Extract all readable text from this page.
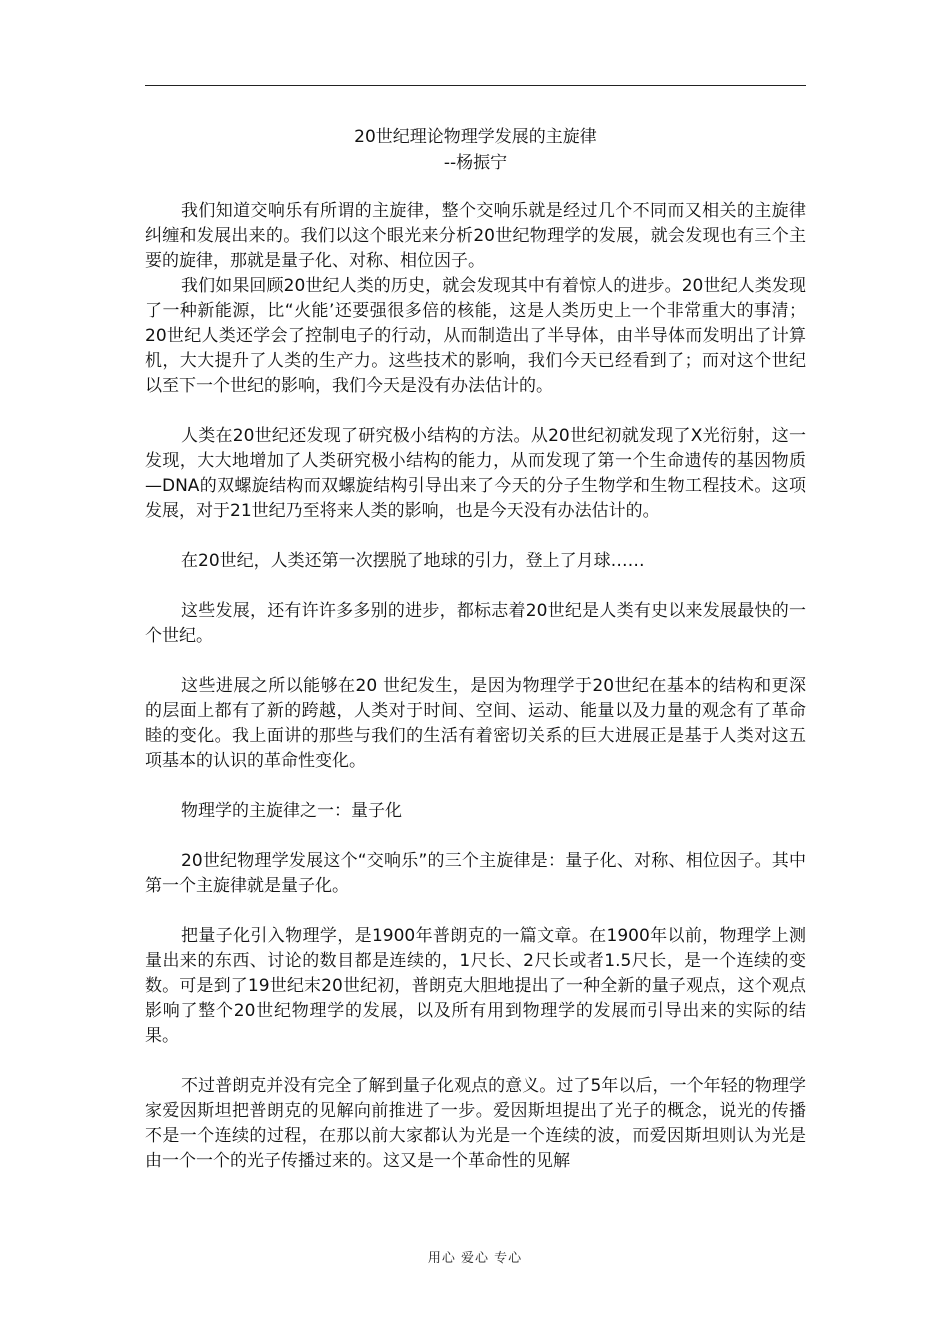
20世纪理论物理学发展的主旋律
--杨振宁

我们知道交响乐有所谓的主旋律，整个交响乐就是经过几个不同而又相关的主旋律纠缠和发展出来的。我们以这个眼光来分析20世纪物理学的发展，就会发现也有三个主要的旋律，那就是量子化、对称、相位因子。

我们如果回顾20世纪人类的历史，就会发现其中有着惊人的进步。20世纪人类发现了一种新能源，比“火能’还要强很多倍的核能，这是人类历史上一个非常重大的事清；20世纪人类还学会了控制电子的行动，从而制造出了半导体，由半导体而发明出了计算机，大大提升了人类的生产力。这些技术的影响，我们今天已经看到了；而对这个世纪以至下一个世纪的影响，我们今天是没有办法估计的。

人类在20世纪还发现了研究极小结构的方法。从20世纪初就发现了X光衍射，这一发现，大大地增加了人类研究极小结构的能力，从而发现了第一个生命遗传的基因物质—DNA的双螺旋结构而双螺旋结构引导出来了今天的分子生物学和生物工程技术。这项发展，对于21世纪乃至将来人类的影响，也是今天没有办法估计的。

在20世纪，人类还第一次摆脱了地球的引力，登上了月球……

这些发展，还有许许多多别的进步，都标志着20世纪是人类有史以来发展最快的一个世纪。

这些进展之所以能够在20 世纪发生，是因为物理学于20世纪在基本的结构和更深的层面上都有了新的跨越，人类对于时间、空间、运动、能量以及力量的观念有了革命睦的变化。我上面讲的那些与我们的生活有着密切关系的巨大进展正是基于人类对这五项基本的认识的革命性变化。

物理学的主旋律之一：量子化

20世纪物理学发展这个“交响乐”的三个主旋律是：量子化、对称、相位因子。其中第一个主旋律就是量子化。

把量子化引入物理学，是1900年普朗克的一篇文章。在1900年以前，物理学上测量出来的东西、讨论的数目都是连续的，1尺长、2尺长或者1.5尺长，是一个连续的变数。可是到了19世纪末20世纪初，普朗克大胆地提出了一种全新的量子观点，这个观点影响了整个20世纪物理学的发展，以及所有用到物理学的发展而引导出来的实际的结果。

不过普朗克并没有完全了解到量子化观点的意义。过了5年以后，一个年轻的物理学家爱因斯坦把普朗克的见解向前推进了一步。爱因斯坦提出了光子的概念，说光的传播不是一个连续的过程，在那以前大家都认为光是一个连续的波，而爱因斯坦则认为光是由一个一个的光子传播过来的。这又是一个革命性的见解

用心 爱心 专心
